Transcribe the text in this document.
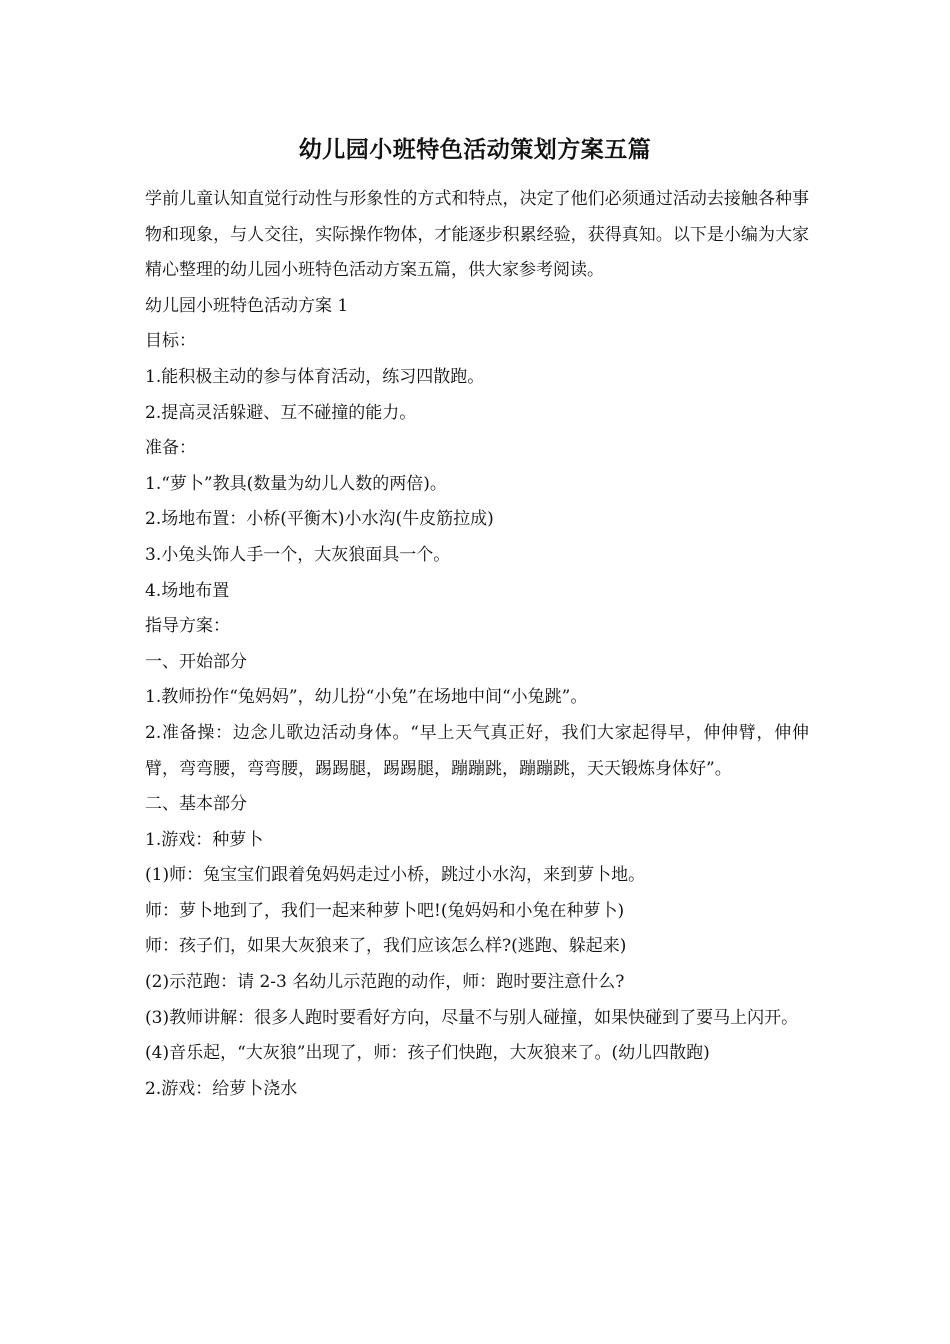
幼儿园小班特色活动策划方案五篇

学前儿童认知直觉行动性与形象性的方式和特点，决定了他们必须通过活动去接触各种事物和现象，与人交往，实际操作物体，才能逐步积累经验，获得真知。以下是小编为大家精心整理的幼儿园小班特色活动方案五篇，供大家参考阅读。

幼儿园小班特色活动方案 1

目标：

1.能积极主动的参与体育活动，练习四散跑。

2.提高灵活躲避、互不碰撞的能力。

准备：

1.“萝卜”教具(数量为幼儿人数的两倍)。

2.场地布置：小桥(平衡木)小水沟(牛皮筋拉成)

3.小兔头饰人手一个，大灰狼面具一个。

4.场地布置

指导方案：

一、开始部分

1.教师扮作“兔妈妈”，幼儿扮“小兔”在场地中间“小兔跳”。

2.准备操：边念儿歌边活动身体。“早上天气真正好，我们大家起得早，伸伸臂，伸伸臂，弯弯腰，弯弯腰，踢踢腿，踢踢腿，蹦蹦跳，蹦蹦跳，天天锻炼身体好”。

二、基本部分

1.游戏：种萝卜

(1)师：兔宝宝们跟着兔妈妈走过小桥，跳过小水沟，来到萝卜地。

师：萝卜地到了，我们一起来种萝卜吧!(兔妈妈和小兔在种萝卜)

师：孩子们，如果大灰狼来了，我们应该怎么样?(逃跑、躲起来)

(2)示范跑：请 2-3 名幼儿示范跑的动作，师：跑时要注意什么?

(3)教师讲解：很多人跑时要看好方向，尽量不与别人碰撞，如果快碰到了要马上闪开。

(4)音乐起，“大灰狼”出现了，师：孩子们快跑，大灰狼来了。(幼儿四散跑)

2.游戏：给萝卜浇水
